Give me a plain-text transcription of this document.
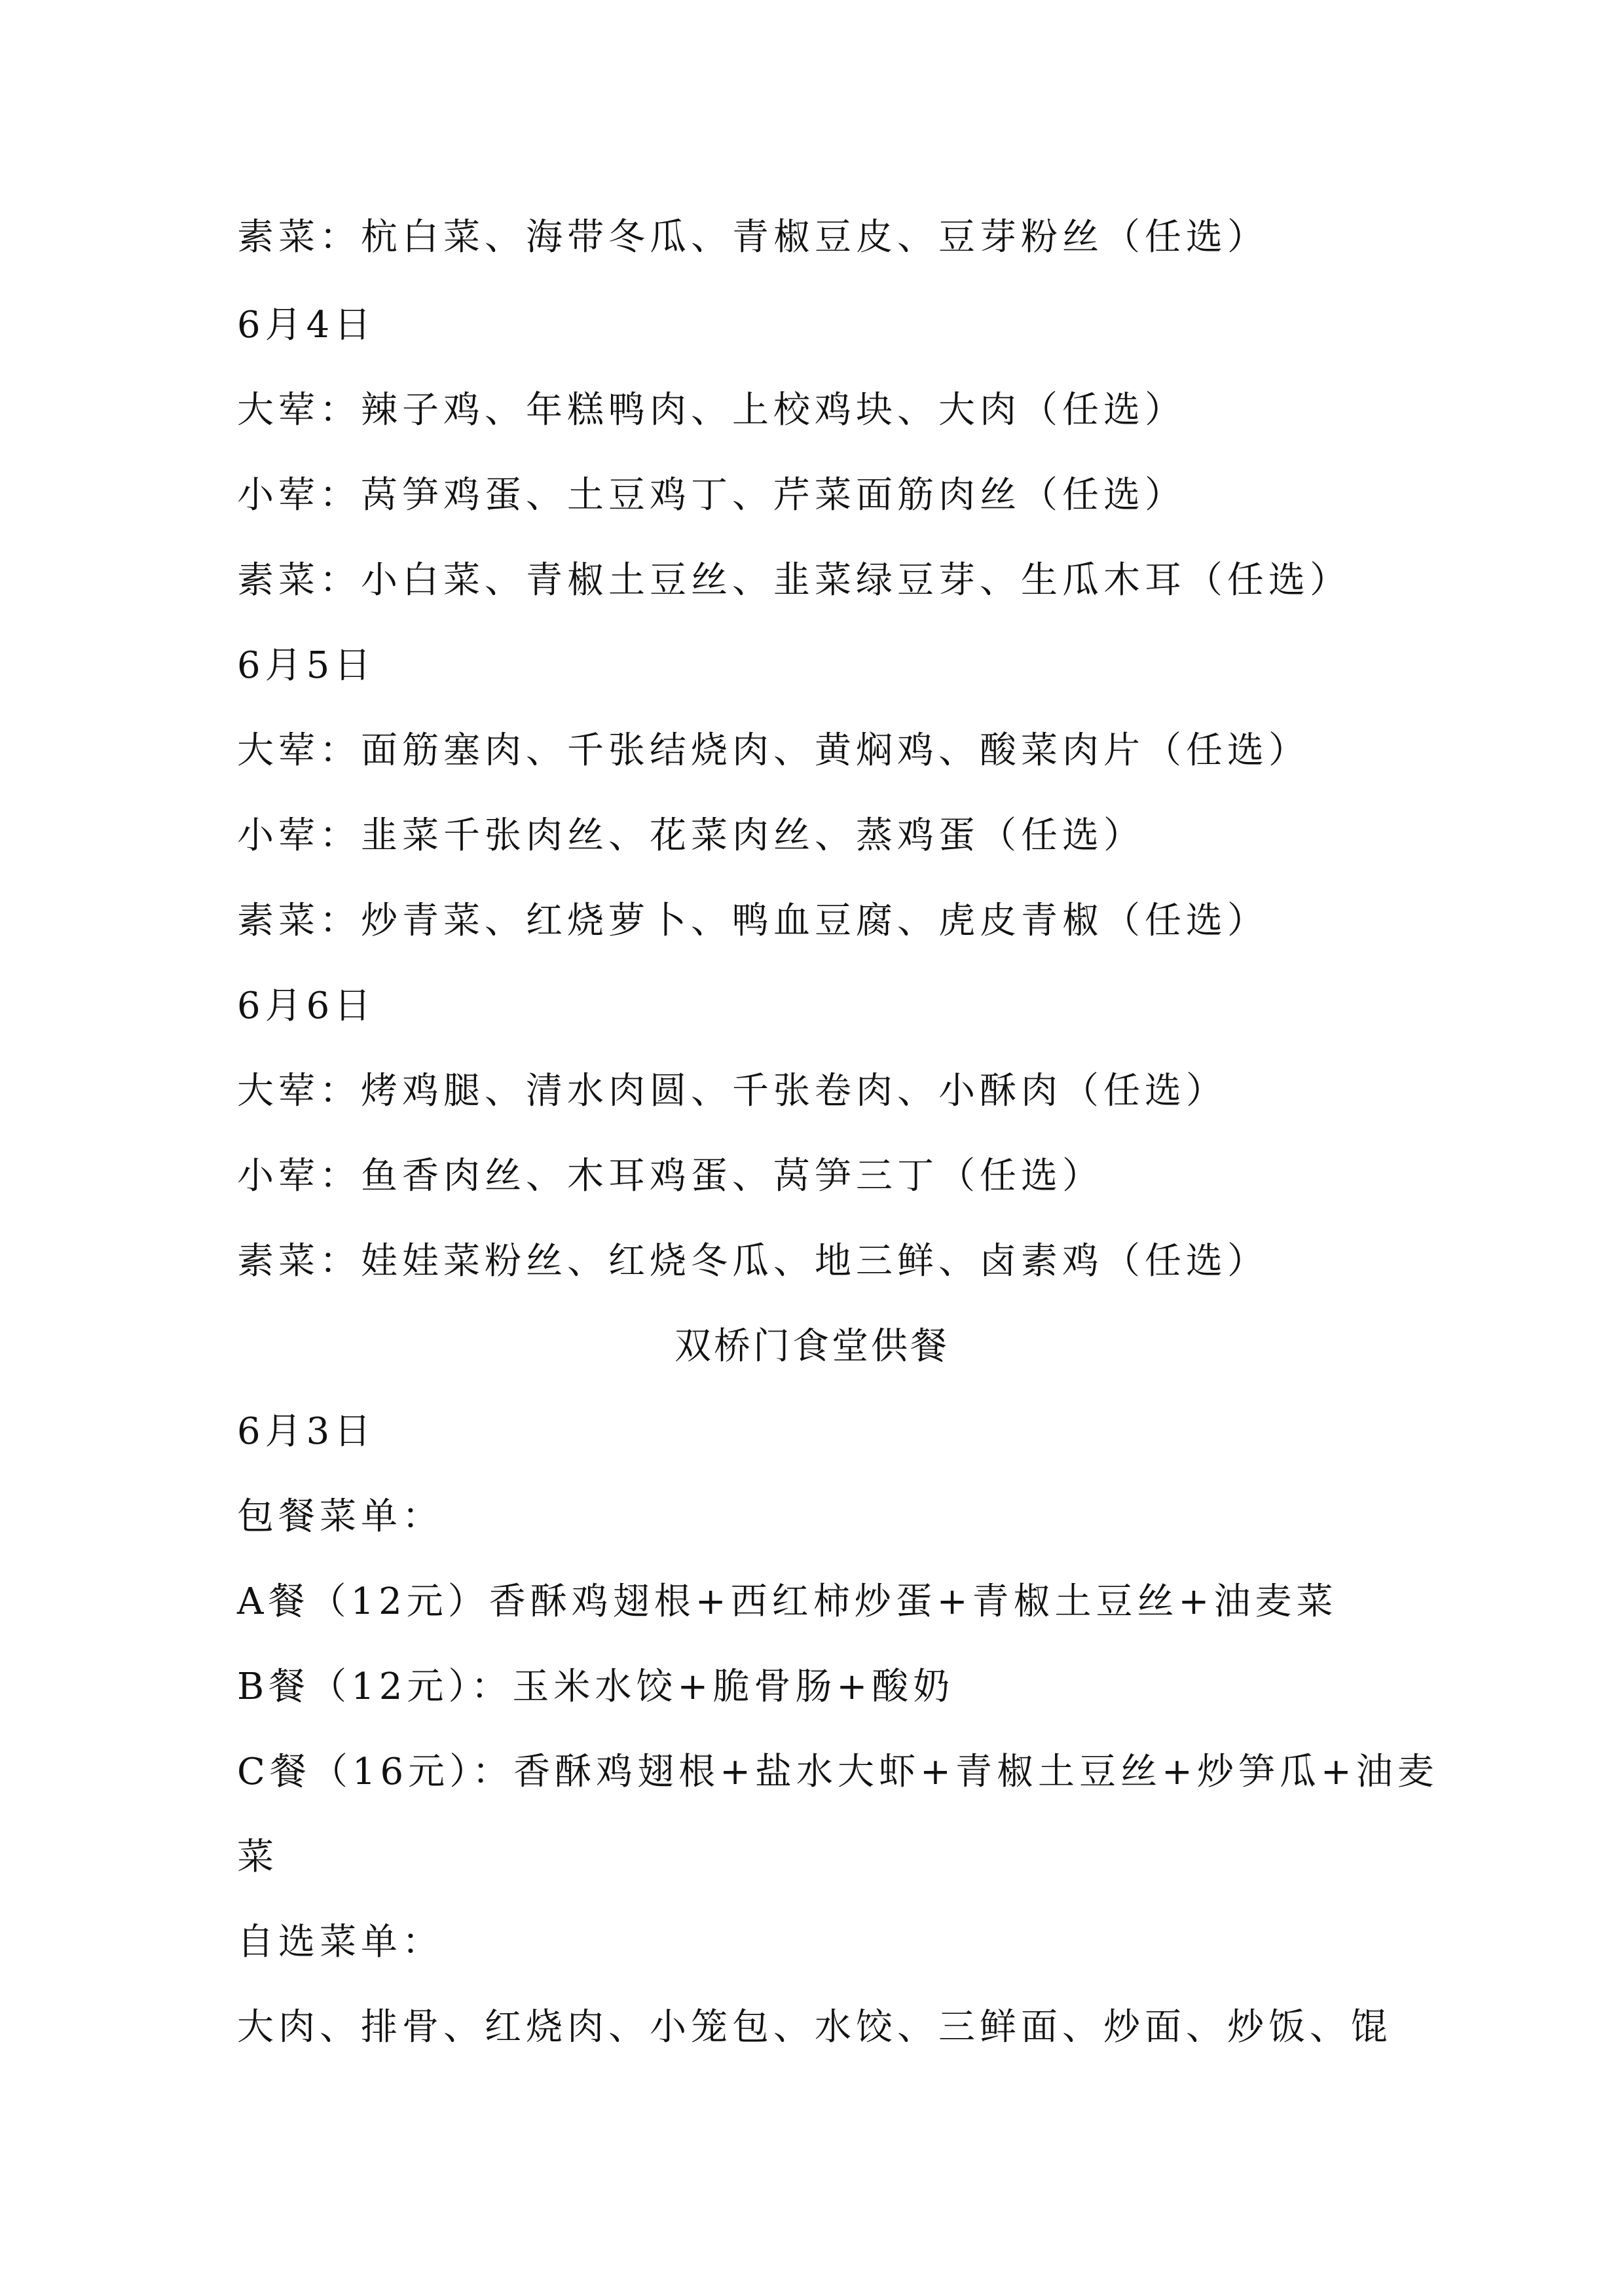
素菜：杭白菜、海带冬瓜、青椒豆皮、豆芽粉丝（任选）
6月4日
大荤：辣子鸡、年糕鸭肉、上校鸡块、大肉（任选）
小荤：莴笋鸡蛋、土豆鸡丁、芹菜面筋肉丝（任选）
素菜：小白菜、青椒土豆丝、韭菜绿豆芽、生瓜木耳（任选）
6月5日
大荤：面筋塞肉、千张结烧肉、黄焖鸡、酸菜肉片（任选）
小荤：韭菜千张肉丝、花菜肉丝、蒸鸡蛋（任选）
素菜：炒青菜、红烧萝卜、鸭血豆腐、虎皮青椒（任选）
6月6日
大荤：烤鸡腿、清水肉圆、千张卷肉、小酥肉（任选）
小荤：鱼香肉丝、木耳鸡蛋、莴笋三丁（任选）
素菜：娃娃菜粉丝、红烧冬瓜、地三鲜、卤素鸡（任选）
双桥门食堂供餐
6月3日
包餐菜单：
A餐（12元）香酥鸡翅根+西红柿炒蛋+青椒土豆丝+油麦菜
B餐（12元）：玉米水饺+脆骨肠+酸奶
C餐（16元）：香酥鸡翅根+盐水大虾+青椒土豆丝+炒笋瓜+油麦
菜
自选菜单：
大肉、排骨、红烧肉、小笼包、水饺、三鲜面、炒面、炒饭、馄
